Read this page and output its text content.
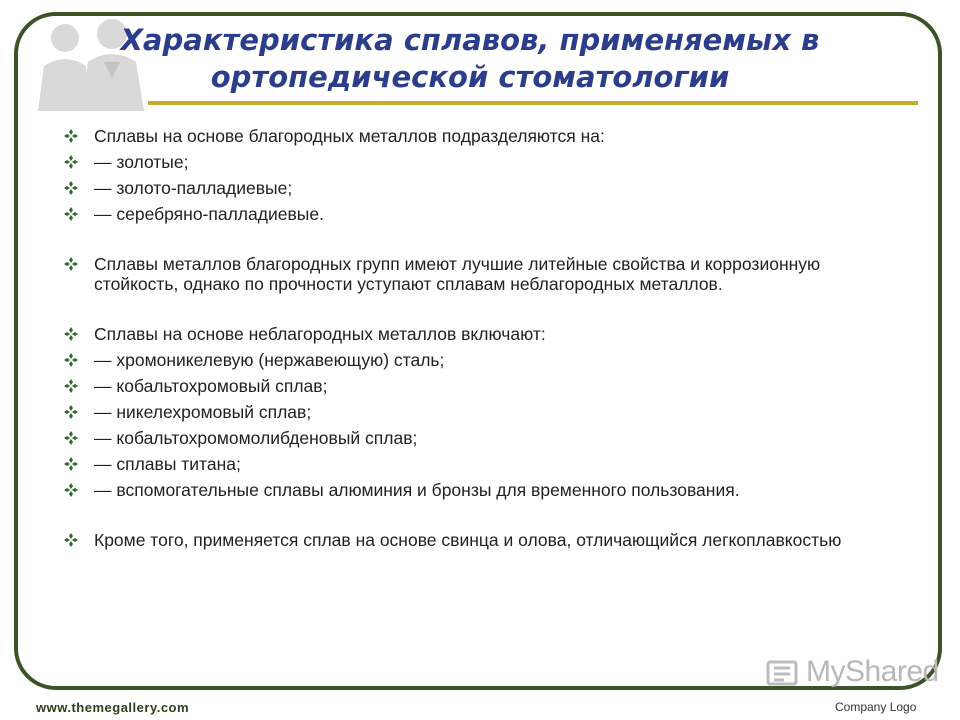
Характеристика сплавов, применяемых в ортопедической стоматологии
Сплавы на основе благородных металлов подразделяются на:
— золотые;
— золото-палладиевые;
— серебряно-палладиевые.
Сплавы металлов благородных групп имеют лучшие литейные свойства и коррозионную стойкость, однако по прочности уступают сплавам неблагородных металлов.
Сплавы на основе неблагородных металлов включают:
— хромоникелевую (нержавеющую) сталь;
— кобальтохромовый сплав;
— никелехромовый сплав;
— кобальтохромомолибденовый сплав;
— сплавы титана;
— вспомогательные сплавы алюминия и бронзы для временного пользования.
Кроме того, применяется сплав на основе свинца и олова, отличающийся легкоплавкостью
www.themegallery.com
MyShared
Company Logo
